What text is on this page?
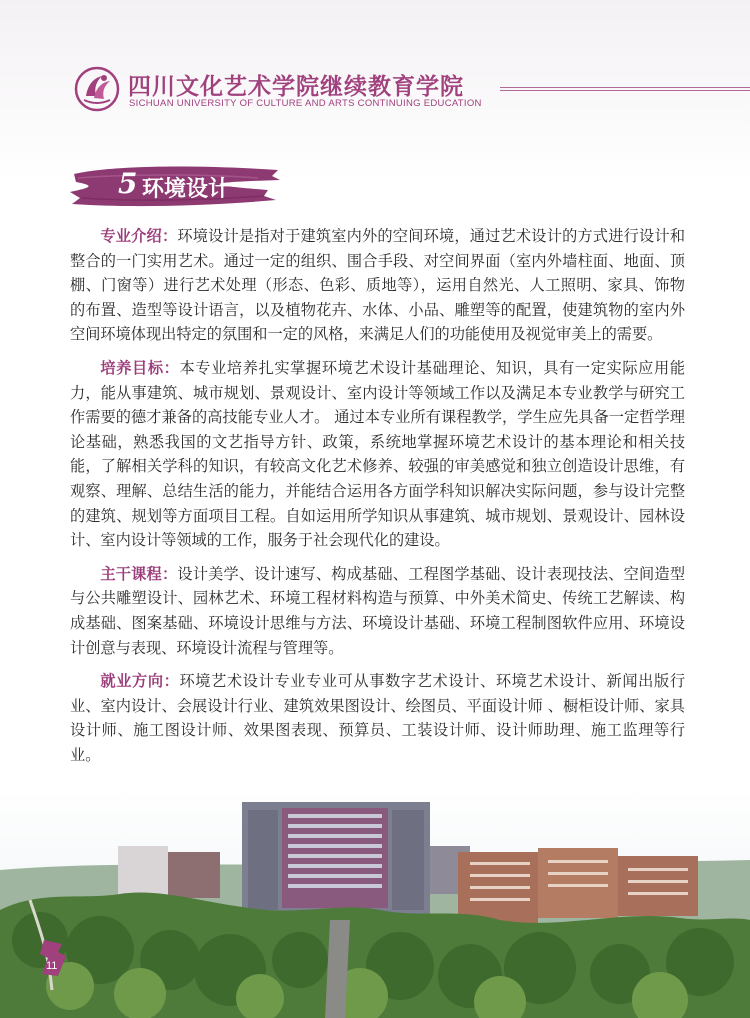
四川文化艺术学院继续教育学院
SICHUAN UNIVERSITY OF CULTURE AND ARTS CONTINUING EDUCATION
5 环境设计

专业介绍：环境设计是指对于建筑室内外的空间环境，通过艺术设计的方式进行设计和整合的一门实用艺术。通过一定的组织、围合手段、对空间界面（室内外墙柱面、地面、顶棚、门窗等）进行艺术处理（形态、色彩、质地等），运用自然光、人工照明、家具、饰物的布置、造型等设计语言，以及植物花卉、水体、小品、雕塑等的配置，使建筑物的室内外空间环境体现出特定的氛围和一定的风格，来满足人们的功能使用及视觉审美上的需要。

培养目标：本专业培养扎实掌握环境艺术设计基础理论、知识，具有一定实际应用能力，能从事建筑、城市规划、景观设计、室内设计等领域工作以及满足本专业教学与研究工作需要的德才兼备的高技能专业人才。 通过本专业所有课程教学，学生应先具备一定哲学理论基础，熟悉我国的文艺指导方针、政策，系统地掌握环境艺术设计的基本理论和相关技能，了解相关学科的知识，有较高文化艺术修养、较强的审美感觉和独立创造设计思维，有观察、理解、总结生活的能力，并能结合运用各方面学科知识解决实际问题，参与设计完整的建筑、规划等方面项目工程。自如运用所学知识从事建筑、城市规划、景观设计、园林设计、室内设计等领域的工作，服务于社会现代化的建设。

主干课程：设计美学、设计速写、构成基础、工程图学基础、设计表现技法、空间造型与公共雕塑设计、园林艺术、环境工程材料构造与预算、中外美术简史、传统工艺解读、构成基础、图案基础、环境设计思维与方法、环境设计基础、环境工程制图软件应用、环境设计创意与表现、环境设计流程与管理等。

就业方向：环境艺术设计专业专业可从事数字艺术设计、环境艺术设计、新闻出版行业、室内设计、会展设计行业、建筑效果图设计、绘图员、平面设计师 、橱柜设计师、家具设计师、施工图设计师、效果图表现、预算员、工装设计师、设计师助理、施工监理等行业。

11
